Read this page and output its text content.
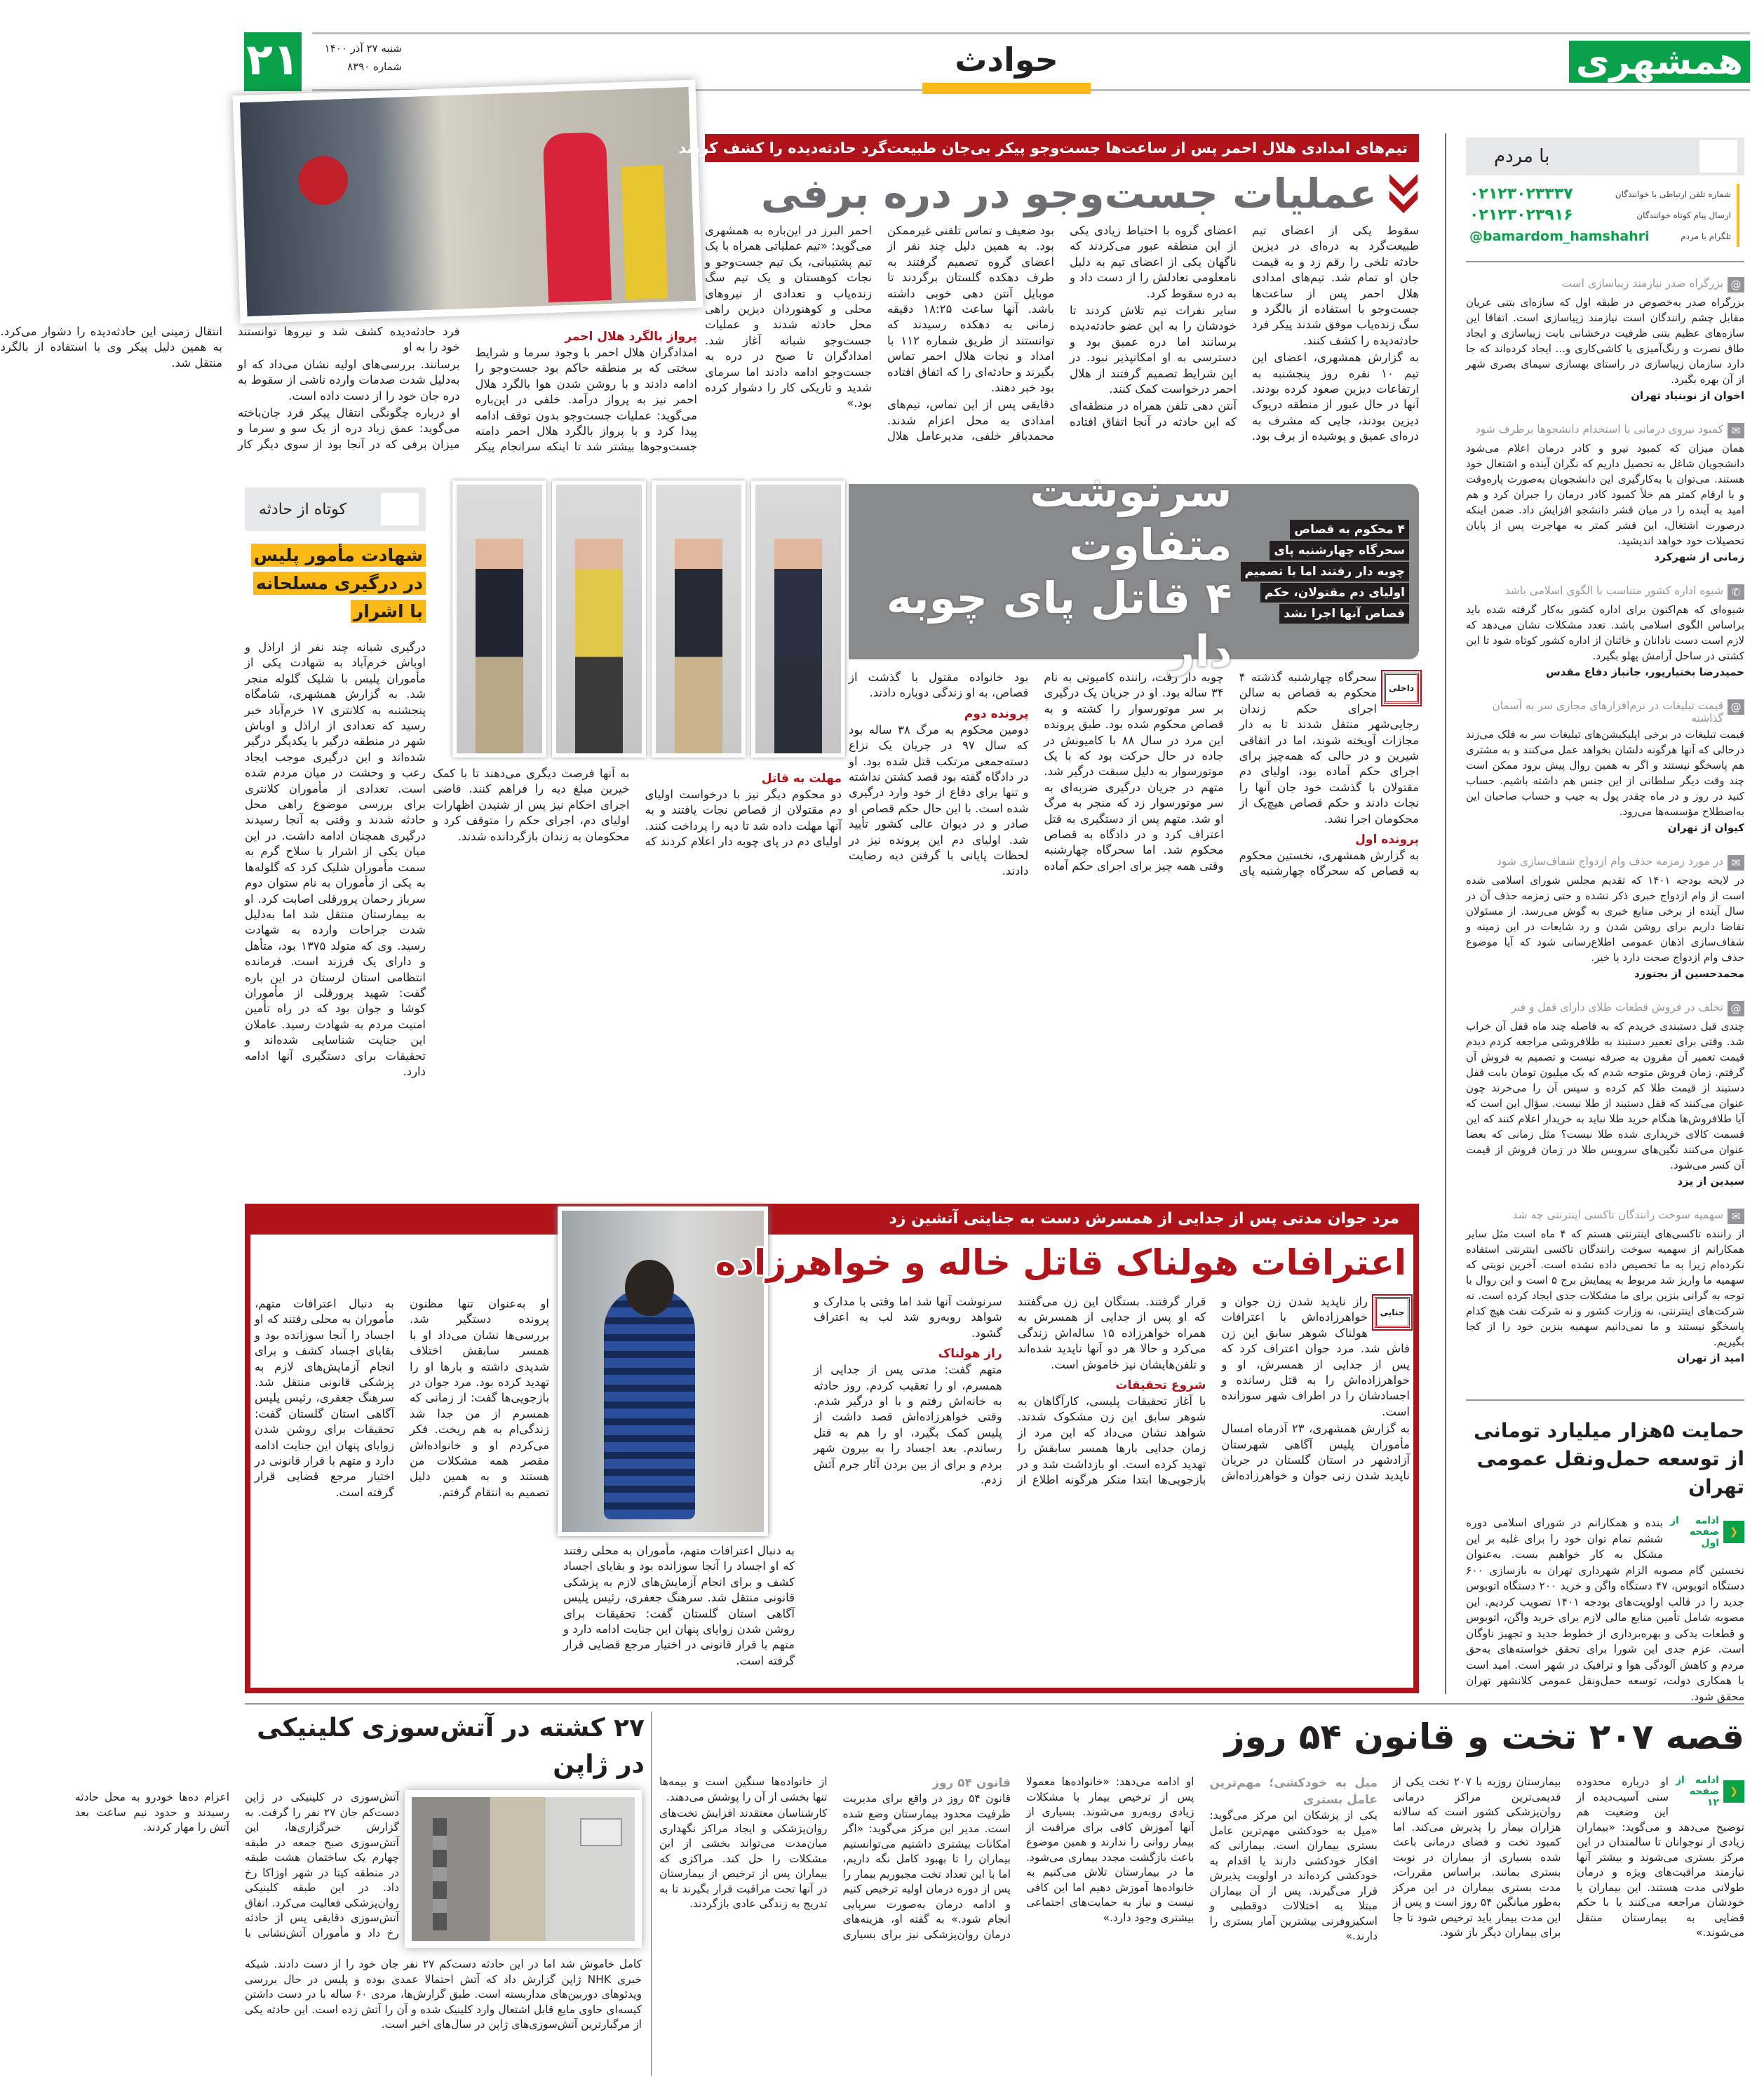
همشهری
حوادث
۲۱	شنبه ۲۷ آذر ۱۴۰۰
شماره ۸۳۹۰
تیم‌های امدادی هلال احمر پس از ساعت‌ها جست‌وجو پیکر بی‌جان طبیعت‌گرد حادثه‌دیده را کشف کردند
عملیات جست‌وجو در دره برفی

سقوط یکی از اعضای تیم طبیعت‌گرد به دره‌ای در دیزین حادثه تلخی را رقم زد و به قیمت جان او تمام شد. تیم‌های امدادی هلال احمر پس از ساعت‌ها جست‌وجو با استفاده از بالگرد و سگ زنده‌یاب موفق شدند پیکر فرد حادثه‌دیده را کشف کنند.

به گزارش همشهری، اعضای این تیم ۱۰ نفره روز پنجشنبه به ارتفاعات دیزین صعود کرده بودند. آنها در حال عبور از منطقه دریوک دیزین بودند، جایی که مشرف به دره‌ای عمیق و پوشیده از برف بود. اعضای گروه با احتیاط زیادی یکی از این منطقه عبور می‌کردند که ناگهان یکی از اعضای تیم به دلیل نامعلومی تعادلش را از دست داد و به دره سقوط کرد.

سایر نفرات تیم تلاش کردند تا خودشان را به این عضو حادثه‌دیده برسانند اما دره عمیق بود و دسترسی به او امکانپذیر نبود. در این شرایط تصمیم گرفتند از هلال احمر درخواست کمک کنند.

آنتن دهی تلفن همراه در منطقه‌ای که این حادثه در آنجا اتفاق افتاده بود ضعیف و تماس تلفنی غیرممکن بود. به همین دلیل چند نفر از اعضای گروه تصمیم گرفتند به طرف دهکده گلستان برگردند تا موبایل آنتن دهی خوبی داشته باشد. آنها ساعت ۱۸:۲۵ دقیقه زمانی به دهکده رسیدند که توانستند از طریق شماره ۱۱۲ با امداد و نجات هلال احمر تماس بگیرند و حادثه‌ای را که اتفاق افتاده بود خبر دهند.

دقایقی پس از این تماس، تیم‌های امدادی به محل اعزام شدند. محمدباقر خلفی، مدیرعامل هلال احمر البرز در این‌باره به همشهری می‌گوید: «تیم عملیاتی همراه با یک تیم پشتیبانی، یک تیم جست‌وجو و نجات کوهستان و یک تیم سگ زنده‌یاب و تعدادی از نیروهای محلی و کوهنوردان دیزین راهی محل حادثه شدند و عملیات جست‌وجو شبانه آغاز شد. امدادگران تا صبح در دره به جست‌وجو ادامه دادند اما سرمای شدید و تاریکی کار را دشوار کرده بود.»

پرواز بالگرد هلال احمر

امدادگران هلال احمر با وجود سرما و شرایط سختی که بر منطقه حاکم بود جست‌وجو را ادامه دادند و با روشن شدن هوا بالگرد هلال احمر نیز به پرواز درآمد. خلفی در این‌باره می‌گوید: عملیات جست‌وجو بدون توقف ادامه پیدا کرد و با پرواز بالگرد هلال احمر دامنه جست‌وجوها بیشتر شد تا اینکه سرانجام پیکر فرد حادثه‌دیده کشف شد و نیروها توانستند خود را به او

برسانند. بررسی‌های اولیه نشان می‌داد که او به‌دلیل شدت صدمات وارده ناشی از سقوط به دره جان خود را از دست داده است.

او درباره چگونگی انتقال پیکر فرد جان‌باخته می‌گوید: عمق زیاد دره از یک سو و سرما و میزان برفی که در آنجا بود از سوی دیگر کار انتقال زمینی این حادثه‌دیده را دشوار می‌کرد. به همین دلیل پیکر وی با استفاده از بالگرد منتقل شد.

با مردم
شماره تلفن ارتباطی با خوانندگان
۰۲۱۲۳۰۲۳۳۳۷
ارسال پیام کوتاه خوانندگان
۰۲۱۲۳۰۲۳۹۱۶
تلگرام با مردم
@bamardom_hamshahri
@
بزرگراه صدر نیازمند زیباسازی است

بزرگراه صدر به‌خصوص در طبقه اول که سازه‌ای بتنی عریان مقابل چشم رانندگان است نیازمند زیباسازی است. اتفاقا این سازه‌های عظیم بتنی ظرفیت درخشانی بابت زیباسازی و ایجاد طاق نصرت و رنگ‌آمیزی یا کاشی‌کاری و... ایجاد کرده‌اند که جا دارد سازمان زیباسازی در راستای بهسازی سیمای بصری شهر از آن بهره بگیرد.

اخوان از نوبنیاد تهران
✉
کمبود نیروی درمانی با استخدام دانشجوها برطرف شود

همان میزان که کمبود نیرو و کادر درمان اعلام می‌شود دانشجویان شاغل به تحصیل داریم که نگران آینده و اشتغال خود هستند. می‌توان با به‌کارگیری این دانشجویان به‌صورت پاره‌وقت و با ارقام کمتر هم خلأ کمبود کادر درمان را جبران کرد و هم امید به آینده را در میان قشر دانشجو افزایش داد. ضمن اینکه درصورت اشتغال، این قشر کمتر به مهاجرت پس از پایان تحصیلات خود خواهد اندیشید.

زمانی از شهرکرد
✆
شیوه اداره کشور متناسب با الگوی اسلامی باشد

شیوه‌ای که هم‌اکنون برای اداره کشور به‌کار گرفته شده باید براساس الگوی اسلامی باشد. تعدد مشکلات نشان می‌دهد که لازم است دست نادانان و خائنان از اداره کشور کوتاه شود تا این کشتی در ساحل آرامش پهلو بگیرد.

حمیدرضا بختیارپور، جانباز دفاع مقدس
@
قیمت تبلیغات در نرم‌افزارهای مجازی سر به آسمان گذاشته

قیمت تبلیغات در برخی اپلیکیشن‌های تبلیغات سر به فلک می‌زند درحالی که آنها هرگونه دلشان بخواهد عمل می‌کنند و به مشتری هم پاسخگو نیستند و اگر به همین روال پیش برود ممکن است چند وقت دیگر سلطانی از این جنس هم داشته باشیم. حساب کنید در روز و در ماه چقدر پول به جیب و حساب صاحبان این به‌اصطلاح مؤسسه‌ها می‌رود.

کیوان از تهران
✉
در مورد زمزمه حذف وام ازدواج شفاف‌سازی شود

در لایحه بودجه ۱۴۰۱ که تقدیم مجلس شورای اسلامی شده است از وام ازدواج خبری ذکر نشده و حتی زمزمه حذف آن در سال آینده از برخی منابع خبری به گوش می‌رسد. از مسئولان تقاضا داریم برای روشن شدن و رد شایعات در این زمینه و شفاف‌سازی اذهان عمومی اطلاع‌رسانی شود که آیا موضوع حذف وام ازدواج صحت دارد یا خیر.

محمدحسین از بجنورد
@
تخلف در فروش قطعات طلای دارای قفل و فنر

چندی قبل دستبندی خریدم که به فاصله چند ماه قفل آن خراب شد. وقتی برای تعمیر دستبند به طلافروشی مراجعه کردم دیدم قیمت تعمیر آن مقرون به صرفه نیست و تصمیم به فروش آن گرفتم. زمان فروش متوجه شدم که یک میلیون تومان بابت قفل دستبند از قیمت طلا کم کرده و سپس آن را می‌خرند چون عنوان می‌کنند که قفل دستبند از طلا نیست. سؤال این است که آیا طلافروش‌ها هنگام خرید طلا نباید به خریدار اعلام کنند که این قسمت کالای خریداری شده طلا نیست؟ مثل زمانی که بعضا عنوان می‌کنند نگین‌های سرویس طلا در زمان فروش از قیمت آن کسر می‌شود.

سیدین از یزد
✉
سهمیه سوخت رانندگان تاکسی اینترنتی چه شد

از راننده تاکسی‌های اینترنتی هستم که ۴ ماه است مثل سایر همکارانم از سهمیه سوخت رانندگان تاکسی اینترنتی استفاده نکرده‌ام زیرا به ما تخصیص داده نشده است. آخرین نوبتی که سهمیه ما واریز شد مربوط به پیمایش برج ۵ است و این روال با توجه به گرانی بنزین برای ما مشکلات جدی ایجاد کرده است. نه شرکت‌های اینترنتی، نه وزارت کشور و نه شرکت نفت هیچ کدام پاسخگو نیستند و ما نمی‌دانیم سهمیه بنزین خود را از کجا بگیریم.

امید از تهران
حمایت ۵هزار میلیارد تومانی از توسعه حمل‌ونقل عمومی تهران
❮
ادامه از صفحه اول
بنده و همکارانم در شورای اسلامی دوره ششم تمام توان خود را برای غلبه بر این مشکل به کار خواهیم بست. به‌عنوان نخستین گام مصوبه الزام شهرداری تهران به بازسازی ۶۰۰ دستگاه اتوبوس، ۴۷ دستگاه واگن و خرید ۲۰۰ دستگاه اتوبوس جدید را در قالب اولویت‌های بودجه ۱۴۰۱ تصویب کردیم. این مصوبه شامل تأمین منابع مالی لازم برای خرید واگن، اتوبوس و قطعات یدکی و بهره‌برداری از خطوط جدید و تجهیز ناوگان است. عزم جدی این شورا برای تحقق خواسته‌های به‌حق مردم و کاهش آلودگی هوا و ترافیک در شهر است. امید است با همکاری دولت، توسعه حمل‌ونقل عمومی کلانشهر تهران محقق شود.
کوتاه از حادثه
شهادت مأمور پلیس در درگیری مسلحانه با اشرار

درگیری شبانه چند نفر از اراذل و اوباش خرم‌آباد به شهادت یکی از مأموران پلیس با شلیک گلوله منجر شد. به گزارش همشهری، شامگاه پنجشنبه به کلانتری ۱۷ خرم‌آباد خبر رسید که تعدادی از اراذل و اوباش شهر در منطقه درگیر با یکدیگر درگیر شده‌اند و این درگیری موجب ایجاد رعب و وحشت در میان مردم شده است. تعدادی از مأموران کلانتری برای بررسی موضوع راهی محل حادثه شدند و وقتی به آنجا رسیدند درگیری همچنان ادامه داشت. در این میان یکی از اشرار با سلاح گرم به سمت مأموران شلیک کرد که گلوله‌ها به یکی از مأموران به نام ستوان دوم سرباز رحمان پرورقلی اصابت کرد. او به بیمارستان منتقل شد اما به‌دلیل شدت جراحات وارده به شهادت رسید. وی که متولد ۱۳۷۵ بود، متأهل و دارای یک فرزند است. فرمانده انتظامی استان لرستان در این باره گفت: شهید پرورقلی از مأموران کوشا و جوان بود که در راه تأمین امنیت مردم به شهادت رسید. عاملان این جنایت شناسایی شده‌اند و تحقیقات برای دستگیری آنها ادامه دارد.

۴ محکوم به قصاص
سحرگاه چهارشنبه پای
چوبه دار رفتند اما با تصمیم
اولیای دم مقتولان، حکم
قصاص آنها اجرا نشد
سرنوشت متفاوت
۴ قاتل پای چوبه دار
داخلی

سحرگاه چهارشنبه گذشته ۴ محکوم به قصاص به سالن اجرای حکم زندان رجایی‌شهر منتقل شدند تا به دار مجازات آویخته شوند، اما در اتفاقی شیرین و در حالی که همه‌چیز برای اجرای حکم آماده بود، اولیای دم مقتولان با گذشت خود جان آنها را نجات دادند و حکم قصاص هیچ‌یک از محکومان اجرا نشد.

پرونده اول

به گزارش همشهری، نخستین محکوم به قصاص که سحرگاه چهارشنبه پای چوبه دار رفت، راننده کامیونی به نام ۳۴ ساله بود. او در جریان یک درگیری بر سر موتورسوار را کشته و به قصاص محکوم شده بود. طبق پرونده این مرد در سال ۸۸ با کامیونش در جاده در حال حرکت بود که با یک موتورسوار به دلیل سبقت درگیر شد. متهم در جریان درگیری ضربه‌ای به سر موتورسوار زد که منجر به مرگ او شد. متهم پس از دستگیری به قتل اعتراف کرد و در دادگاه به قصاص محکوم شد. اما سحرگاه چهارشنبه وقتی همه چیز برای اجرای حکم آماده بود خانواده مقتول با گذشت از قصاص، به او زندگی دوباره دادند.

پرونده دوم

دومین محکوم به مرگ ۳۸ ساله بود که سال ۹۷ در جریان یک نزاع دسته‌جمعی مرتکب قتل شده بود. او در دادگاه گفته بود قصد کشتن نداشته و تنها برای دفاع از خود وارد درگیری شده است. با این حال حکم قصاص او صادر و در دیوان عالی کشور تأیید شد. اولیای دم این پرونده نیز در لحظات پایانی با گرفتن دیه رضایت دادند.

مهلت به قاتل

دو محکوم دیگر نیز با درخواست اولیای دم مقتولان از قصاص نجات یافتند و به آنها مهلت داده شد تا دیه را پرداخت کنند. اولیای دم در پای چوبه دار اعلام کردند که به آنها فرصت دیگری می‌دهند تا با کمک خیرین مبلغ دیه را فراهم کنند. قاضی اجرای احکام نیز پس از شنیدن اظهارات اولیای دم، اجرای حکم را متوقف کرد و محکومان به زندان بازگردانده شدند.

مرد جوان مدتی پس از جدایی از همسرش دست به جنایتی آتشین زد
اعترافات هولناک قاتل خاله و خواهرزاده
جنایی

راز ناپدید شدن زن جوان و خواهرزاده‌اش با اعترافات هولناک شوهر سابق این زن فاش شد. مرد جوان اعتراف کرد که پس از جدایی از همسرش، او و خواهرزاده‌اش را به قتل رسانده و اجسادشان را در اطراف شهر سوزانده است.

به گزارش همشهری، ۲۳ آذرماه امسال مأموران پلیس آگاهی شهرستان آزادشهر در استان گلستان در جریان ناپدید شدن زنی جوان و خواهرزاده‌اش قرار گرفتند. بستگان این زن می‌گفتند که او پس از جدایی از همسرش به همراه خواهرزاده ۱۵ ساله‌اش زندگی می‌کرد و حالا هر دو آنها ناپدید شده‌اند و تلفن‌هایشان نیز خاموش است.

شروع تحقیقات

با آغاز تحقیقات پلیسی، کارآگاهان به شوهر سابق این زن مشکوک شدند. شواهد نشان می‌داد که این مرد از زمان جدایی بارها همسر سابقش را تهدید کرده است. او بازداشت شد و در بازجویی‌ها ابتدا منکر هرگونه اطلاع از سرنوشت آنها شد اما وقتی با مدارک و شواهد روبه‌رو شد لب به اعتراف گشود.

راز هولناک

متهم گفت: مدتی پس از جدایی از همسرم، او را تعقیب کردم. روز حادثه به خانه‌اش رفتم و با او درگیر شدم. وقتی خواهرزاده‌اش قصد داشت از پلیس کمک بگیرد، او را هم به قتل رساندم. بعد اجساد را به بیرون شهر بردم و برای از بین بردن آثار جرم آتش زدم.

به دنبال اعترافات متهم، مأموران به محلی رفتند که او اجساد را آنجا سوزانده بود و بقایای اجساد کشف و برای انجام آزمایش‌های لازم به پزشکی قانونی منتقل شد. سرهنگ جعفری، رئیس پلیس آگاهی استان گلستان گفت: تحقیقات برای روشن شدن زوایای پنهان این جنایت ادامه دارد و متهم با قرار قانونی در اختیار مرجع قضایی قرار گرفته است.

او به‌عنوان تنها مظنون پرونده دستگیر شد. بررسی‌ها نشان می‌داد او با همسر سابقش اختلاف شدیدی داشته و بارها او را تهدید کرده بود. مرد جوان در بازجویی‌ها گفت: از زمانی که همسرم از من جدا شد زندگی‌ام به هم ریخت. فکر می‌کردم او و خانواده‌اش مقصر همه مشکلات من هستند و به همین دلیل تصمیم به انتقام گرفتم.

به دنبال اعترافات متهم، مأموران به محلی رفتند که او اجساد را آنجا سوزانده بود و بقایای اجساد کشف و برای انجام آزمایش‌های لازم به پزشکی قانونی منتقل شد. سرهنگ جعفری، رئیس پلیس آگاهی استان گلستان گفت: تحقیقات برای روشن شدن زوایای پنهان این جنایت ادامه دارد و متهم با قرار قانونی در اختیار مرجع قضایی قرار گرفته است.

قصه ۲۰۷ تخت و قانون ۵۴ روز
❮
ادامه از صفحه ۱۲

او درباره محدوده سنی آسیب‌دیده از این وضعیت هم توضیح می‌دهد و می‌گوید: «بیماران زیادی از نوجوانان تا سالمندان در این مرکز بستری می‌شوند و بیشتر آنها نیازمند مراقبت‌های ویژه و درمان طولانی مدت هستند. این بیماران یا خودشان مراجعه می‌کنند یا با حکم قضایی به بیمارستان منتقل می‌شوند.»

بیمارستان روزبه با ۲۰۷ تخت یکی از قدیمی‌ترین مراکز درمانی روان‌پزشکی کشور است که سالانه هزاران بیمار را پذیرش می‌کند. اما کمبود تخت و فضای درمانی باعث شده بسیاری از بیماران در نوبت بستری بمانند. براساس مقررات، مدت بستری بیماران در این مرکز به‌طور میانگین ۵۴ روز است و پس از این مدت بیمار باید ترخیص شود تا جا برای بیماران دیگر باز شود.

میل به خودکشی؛ مهم‌ترین عامل بستری

یکی از پزشکان این مرکز می‌گوید: «میل به خودکشی مهم‌ترین عامل بستری بیماران است. بیمارانی که افکار خودکشی دارند یا اقدام به خودکشی کرده‌اند در اولویت پذیرش قرار می‌گیرند. پس از آن بیماران مبتلا به اختلالات دوقطبی و اسکیزوفرنی بیشترین آمار بستری را دارند.»

او ادامه می‌دهد: «خانواده‌ها معمولا پس از ترخیص بیمار با مشکلات زیادی روبه‌رو می‌شوند. بسیاری از آنها آموزش کافی برای مراقبت از بیمار روانی را ندارند و همین موضوع باعث بازگشت مجدد بیماری می‌شود. ما در بیمارستان تلاش می‌کنیم به خانواده‌ها آموزش دهیم اما این کافی نیست و نیاز به حمایت‌های اجتماعی بیشتری وجود دارد.»

قانون ۵۴ روز

قانون ۵۴ روز در واقع برای مدیریت ظرفیت محدود بیمارستان وضع شده است. مدیر این مرکز می‌گوید: «اگر امکانات بیشتری داشتیم می‌توانستیم بیماران را تا بهبود کامل نگه داریم، اما با این تعداد تخت مجبوریم بیمار را پس از دوره درمان اولیه ترخیص کنیم و ادامه درمان به‌صورت سرپایی انجام شود.» به گفته او، هزینه‌های درمان روان‌پزشکی نیز برای بسیاری از خانواده‌ها سنگین است و بیمه‌ها تنها بخشی از آن را پوشش می‌دهند.

کارشناسان معتقدند افزایش تخت‌های روان‌پزشکی و ایجاد مراکز نگهداری میان‌مدت می‌تواند بخشی از این مشکلات را حل کند. مراکزی که بیماران پس از ترخیص از بیمارستان در آنها تحت مراقبت قرار بگیرند تا به تدریج به زندگی عادی بازگردند.

۲۷ کشته در آتش‌سوزی کلینیکی در ژاپن

آتش‌سوزی در کلینیکی در ژاپن دست‌کم جان ۲۷ نفر را گرفت. به گزارش خبرگزاری‌ها، این آتش‌سوزی صبح جمعه در طبقه چهارم یک ساختمان هشت طبقه در منطقه کیتا در شهر اوزاکا رخ داد. در این طبقه کلینیکی روان‌پزشکی فعالیت می‌کرد. اتفاق آتش‌سوزی دقایقی پس از حادثه رخ داد و مأموران آتش‌نشانی با اعزام ده‌ها خودرو به محل حادثه رسیدند و حدود نیم ساعت بعد آتش را مهار کردند.

کامل خاموش شد اما در این حادثه دست‌کم ۲۷ نفر جان خود را از دست دادند. شبکه خبری NHK ژاپن گزارش داد که آتش احتمالا عمدی بوده و پلیس در حال بررسی ویدئوهای دوربین‌های مداربسته است. طبق گزارش‌ها، مردی ۶۰ ساله با در دست داشتن کیسه‌ای حاوی مایع قابل اشتعال وارد کلینیک شده و آن را آتش زده است. این حادثه یکی از مرگبارترین آتش‌سوزی‌های ژاپن در سال‌های اخیر است.
